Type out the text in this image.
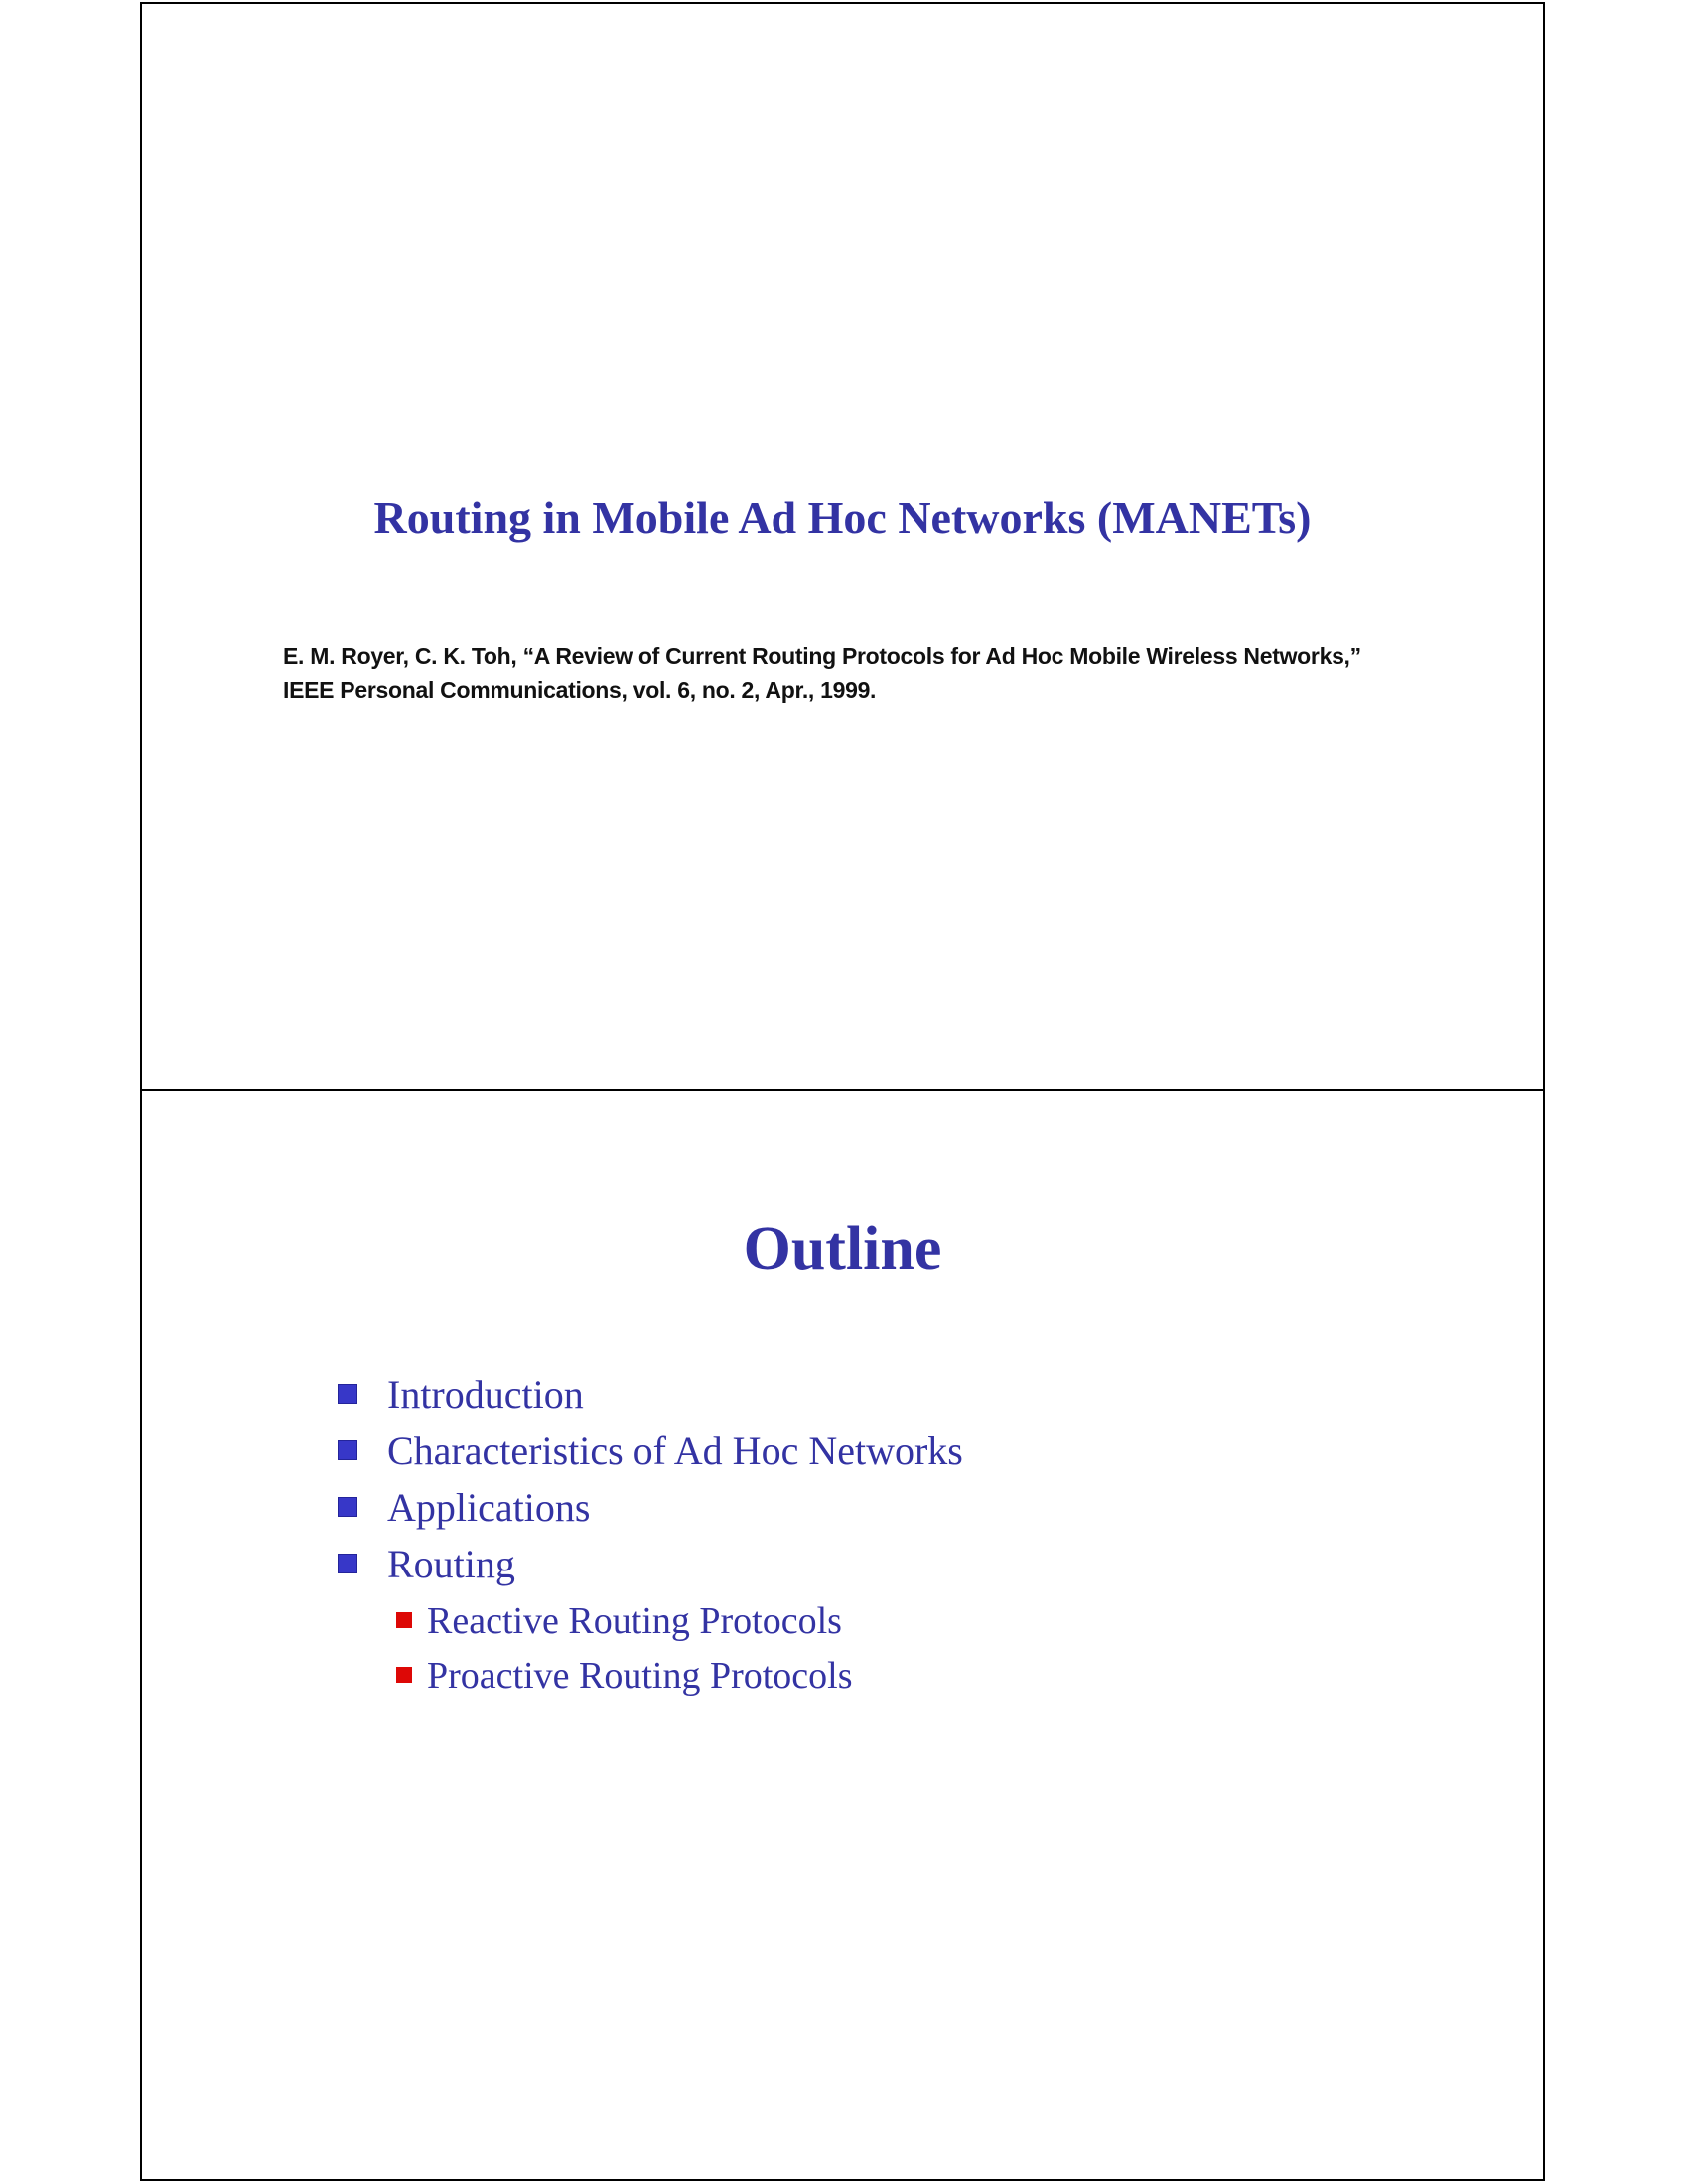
Routing in Mobile Ad Hoc Networks (MANETs)
E. M. Royer, C. K. Toh, “A Review of Current Routing Protocols for Ad Hoc Mobile Wireless Networks,” IEEE Personal Communications, vol. 6, no. 2, Apr., 1999.
Outline
Introduction
Characteristics of Ad Hoc Networks
Applications
Routing
Reactive Routing Protocols
Proactive Routing Protocols
